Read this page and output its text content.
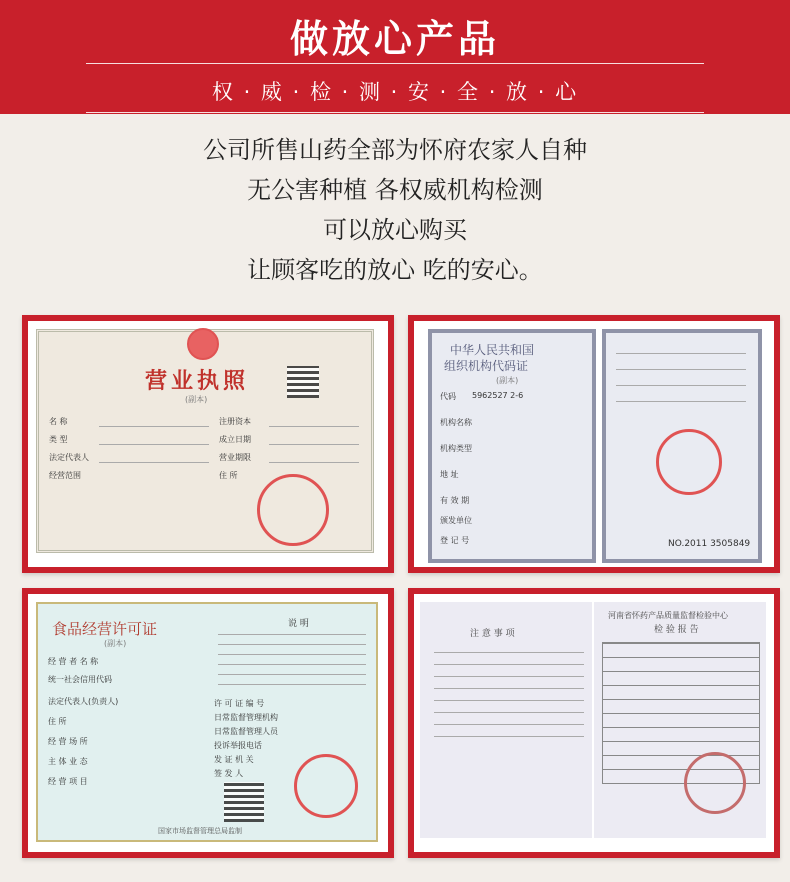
做放心产品
权 · 威 · 检 · 测 · 安 · 全 · 放 · 心
公司所售山药全部为怀府农家人自种
无公害种植 各权威机构检测
可以放心购买
让顾客吃的放心 吃的安心。
营业执照
(副本)
名 称
类 型
法定代表人
经营范围
注册资本
成立日期
营业期限
住 所
中华人民共和国
组织机构代码证
(副本)
代码 5962527 2-6
机构名称
机构类型
地 址
有 效 期
颁发单位
登 记 号	NO.2011 3505849
食品经营许可证
(副本)
经 营 者 名 称
统一社会信用代码
法定代表人(负责人)
住 所
经 营 场 所
主 体 业 态
经 营 项 目
说 明
许 可 证 编 号
日常监督管理机构
日常监督管理人员
投诉举报电话
发 证 机 关
签 发 人
国家市场监督管理总局监制
注 意 事 项
河南省怀药产品质量监督检验中心
检 验 报 告
